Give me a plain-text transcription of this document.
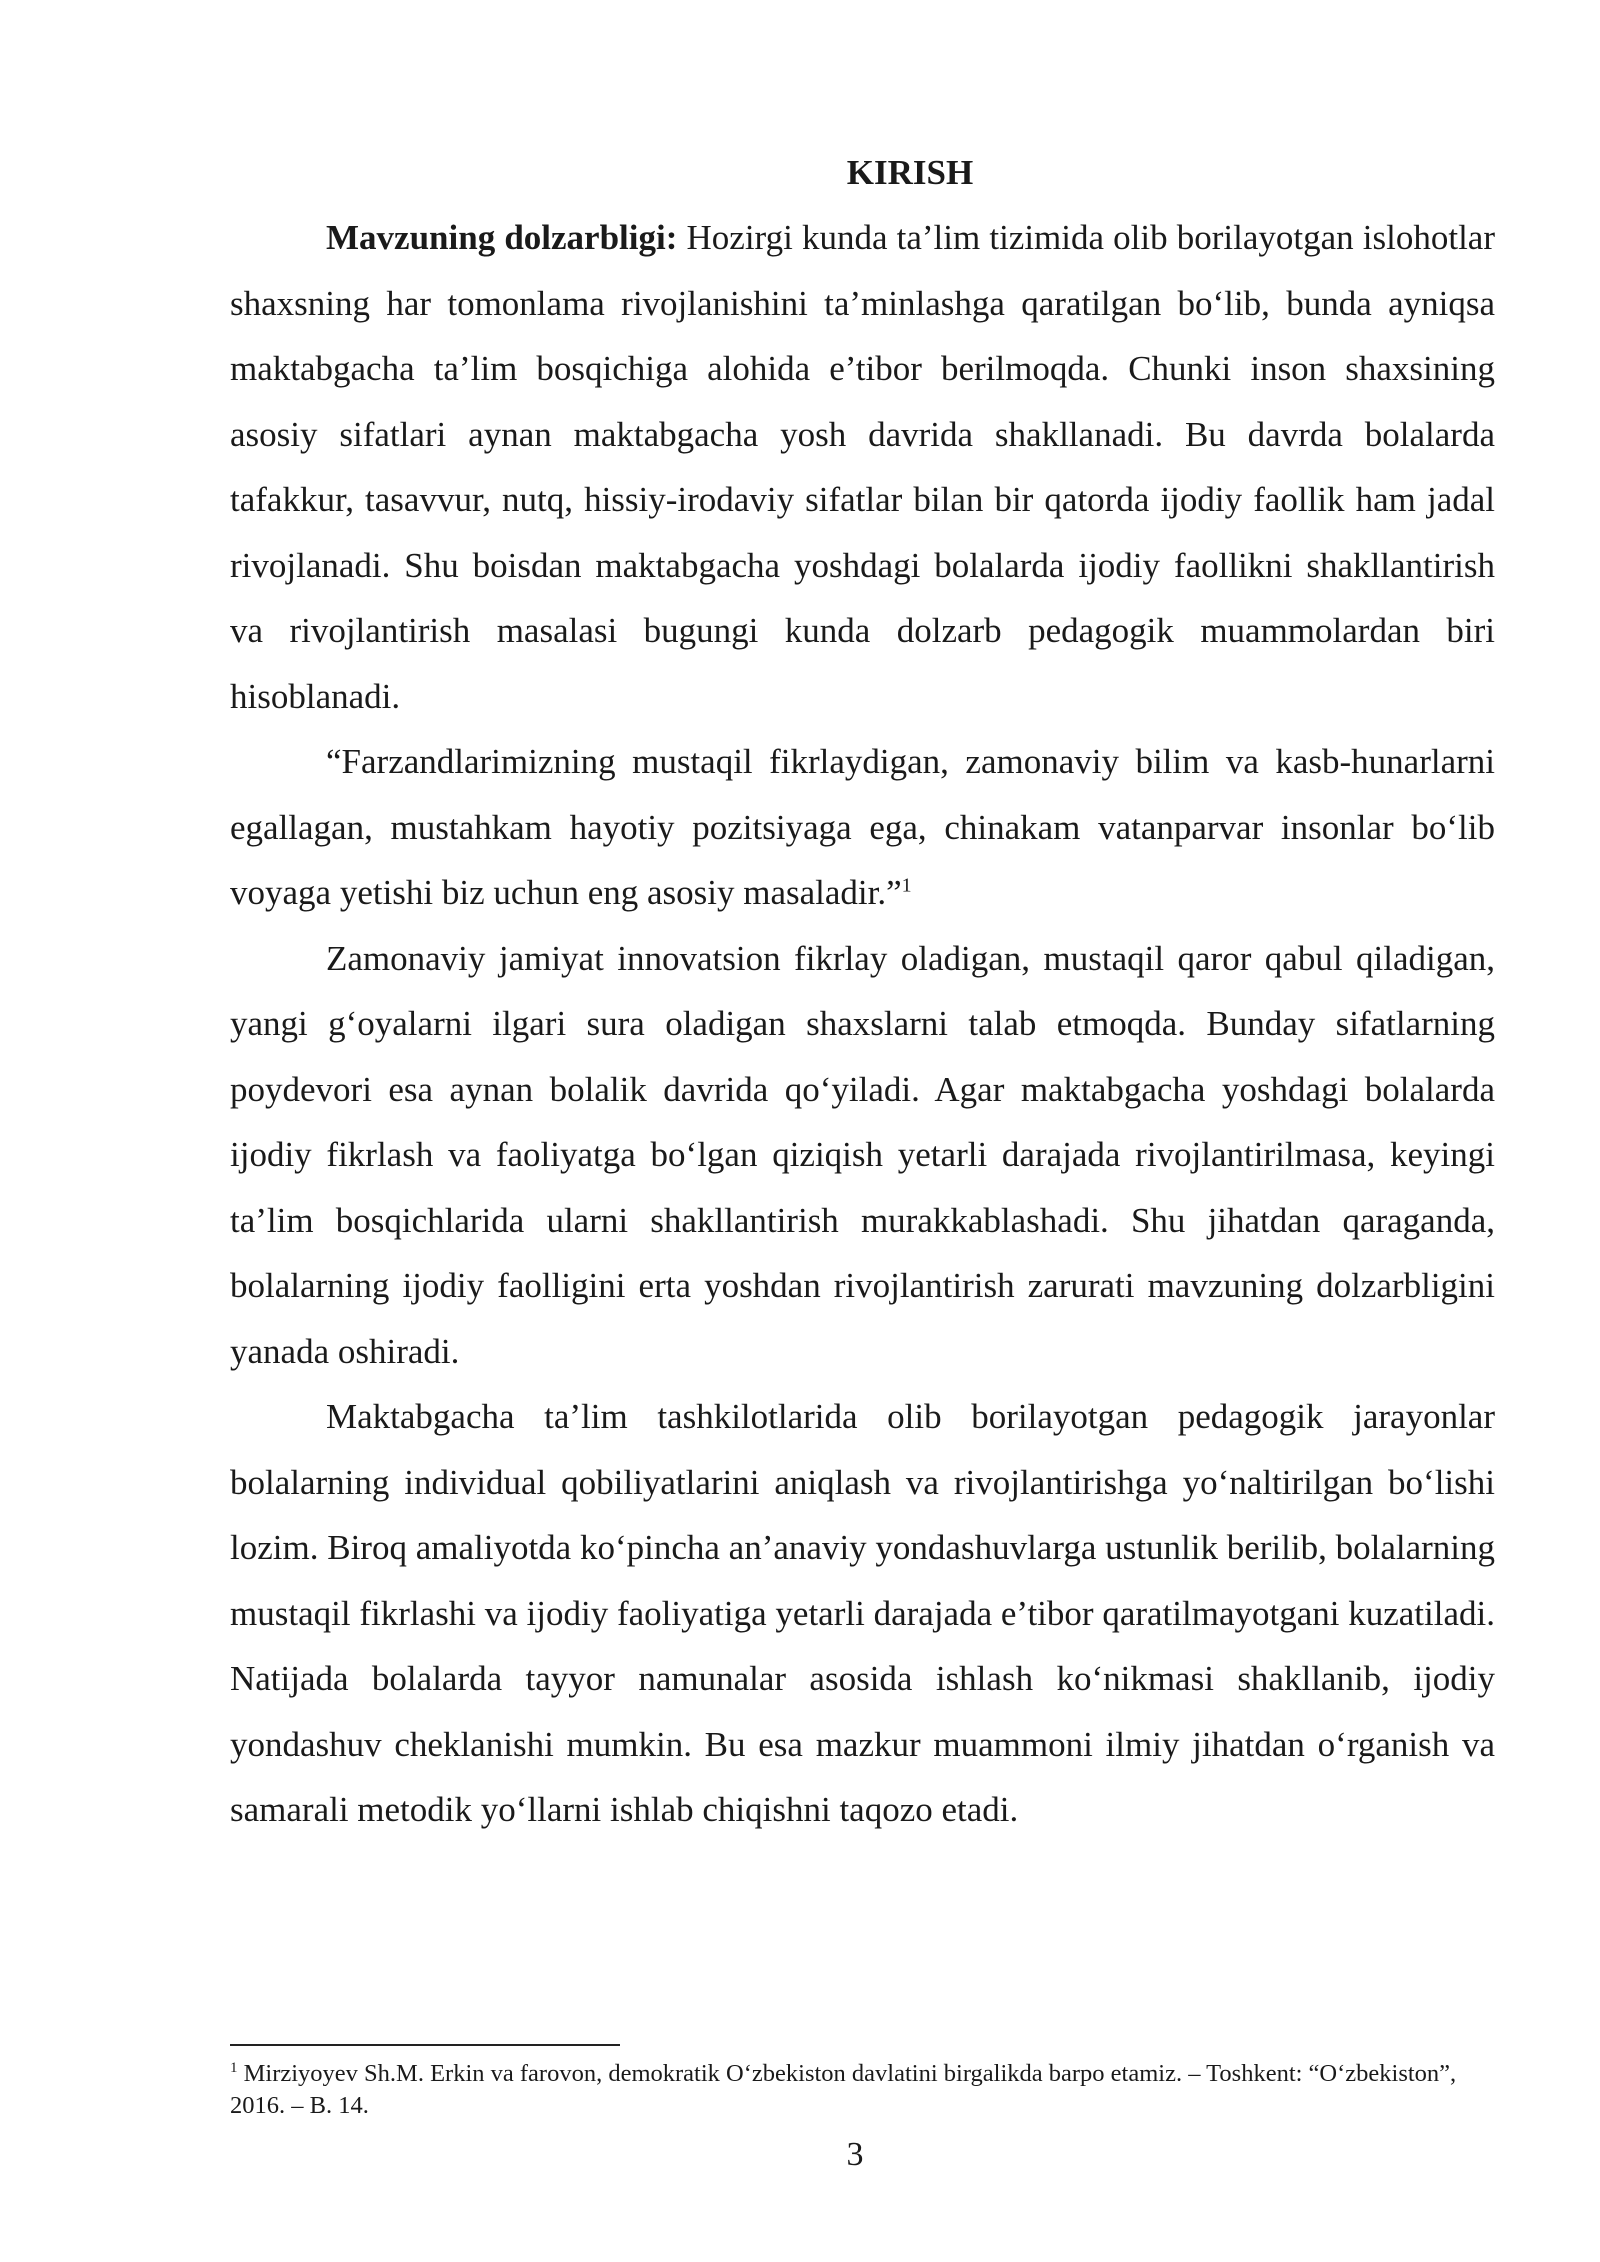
KIRISH

Mavzuning dolzarbligi: Hozirgi kunda ta’lim tizimida olib borilayotgan islohotlar shaxsning har tomonlama rivojlanishini ta’minlashga qaratilgan bo‘lib, bunda ayniqsa maktabgacha ta’lim bosqichiga alohida e’tibor berilmoqda. Chunki inson shaxsining asosiy sifatlari aynan maktabgacha yosh davrida shakllanadi. Bu davrda bolalarda tafakkur, tasavvur, nutq, hissiy-irodaviy sifatlar bilan bir qatorda ijodiy faollik ham jadal rivojlanadi. Shu boisdan maktabgacha yoshdagi bolalarda ijodiy faollikni shakllantirish va rivojlantirish masalasi bugungi kunda dolzarb pedagogik muammolardan biri hisoblanadi.

“Farzandlarimizning mustaqil fikrlaydigan, zamonaviy bilim va kasb-hunarlarni egallagan, mustahkam hayotiy pozitsiyaga ega, chinakam vatanparvar insonlar bo‘lib voyaga yetishi biz uchun eng asosiy masaladir.”$^1$

Zamonaviy jamiyat innovatsion fikrlay oladigan, mustaqil qaror qabul qiladigan, yangi g‘oyalarni ilgari sura oladigan shaxslarni talab etmoqda. Bunday sifatlarning poydevori esa aynan bolalik davrida qo‘yiladi. Agar maktabgacha yoshdagi bolalarda ijodiy fikrlash va faoliyatga bo‘lgan qiziqish yetarli darajada rivojlantirilmasa, keyingi ta’lim bosqichlarida ularni shakllantirish murakkablashadi. Shu jihatdan qaraganda, bolalarning ijodiy faolligini erta yoshdan rivojlantirish zarurati mavzuning dolzarbligini yanada oshiradi.

Maktabgacha ta’lim tashkilotlarida olib borilayotgan pedagogik jarayonlar bolalarning individual qobiliyatlarini aniqlash va rivojlantirishga yo‘naltirilgan bo‘lishi lozim. Biroq amaliyotda ko‘pincha an’anaviy yondashuvlarga ustunlik berilib, bolalarning mustaqil fikrlashi va ijodiy faoliyatiga yetarli darajada e’tibor qaratilmayotgani kuzatiladi. Natijada bolalarda tayyor namunalar asosida ishlash ko‘nikmasi shakllanib, ijodiy yondashuv cheklanishi mumkin. Bu esa mazkur muammoni ilmiy jihatdan o‘rganish va samarali metodik yo‘llarni ishlab chiqishni taqozo etadi.

$^1$ Mirziyoyev Sh.M. Erkin va farovon, demokratik O‘zbekiston davlatini birgalikda barpo etamiz. – Toshkent: “O‘zbekiston”, 2016. – B. 14.

3
